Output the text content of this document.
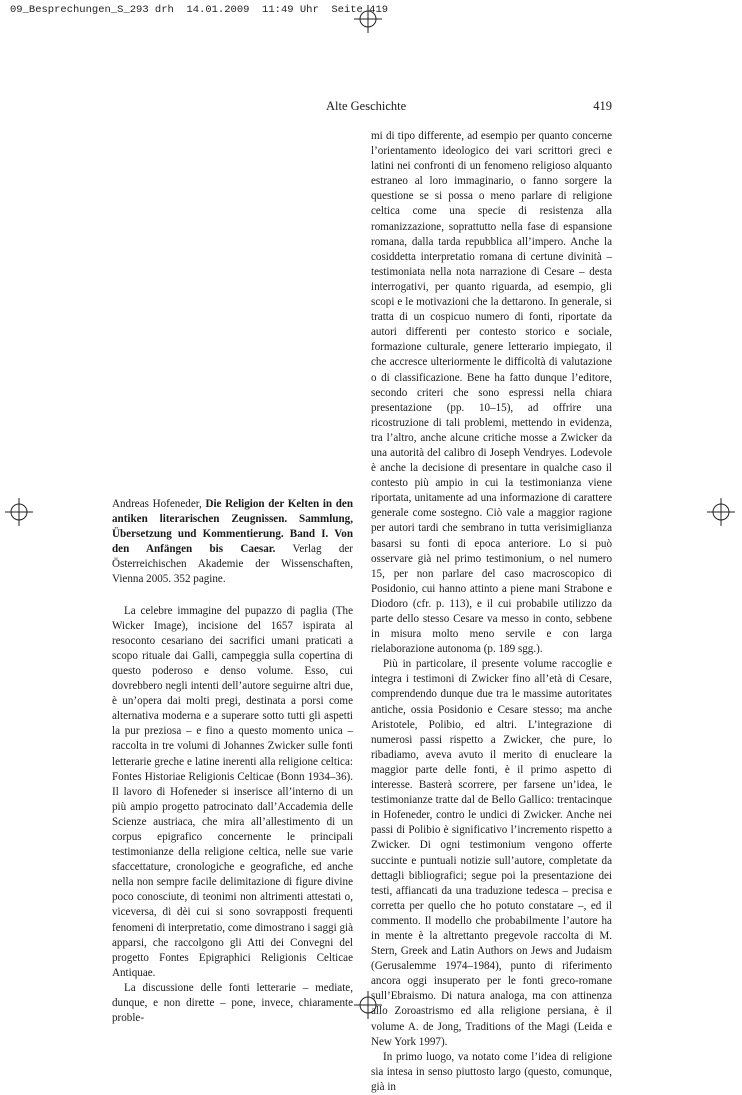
09_Besprechungen_S_293 drh  14.01.2009  11:49 Uhr  Seite 419
Alte Geschichte	419

Andreas Hofeneder, Die Religion der Kelten in den antiken literarischen Zeugnissen. Sammlung, Übersetzung und Kommentierung. Band I. Von den Anfängen bis Caesar. Verlag der Österreichischen Akademie der Wissenschaften, Vienna 2005. 352 pagine.

La celebre immagine del pupazzo di paglia (The Wicker Image), incisione del 1657 ispirata al resoconto cesariano dei sacrifici umani praticati a scopo rituale dai Galli, campeggia sulla copertina di questo poderoso e denso volume. Esso, cui dovrebbero negli intenti dell’autore seguirne altri due, è un’opera dai molti pregi, destinata a porsi come alternativa moderna e a superare sotto tutti gli aspetti la pur preziosa – e fino a questo momento unica – raccolta in tre volumi di Johannes Zwicker sulle fonti letterarie greche e latine inerenti alla religione celtica: Fontes Historiae Religionis Celticae (Bonn 1934–36). Il lavoro di Hofeneder si inserisce all’interno di un più ampio progetto patrocinato dall’Accademia delle Scienze austriaca, che mira all’allestimento di un corpus epigrafico concernente le principali testimonianze della religione celtica, nelle sue varie sfaccettature, cronologiche e geografiche, ed anche nella non sempre facile delimitazione di figure divine poco conosciute, di teonimi non altrimenti attestati o, viceversa, di dèi cui si sono sovrapposti frequenti fenomeni di interpretatio, come dimostrano i saggi già apparsi, che raccolgono gli Atti dei Convegni del progetto Fontes Epigraphici Religionis Celticae Antiquae.

La discussione delle fonti letterarie – mediate, dunque, e non dirette – pone, invece, chiaramente proble-

mi di tipo differente, ad esempio per quanto concerne l’orientamento ideologico dei vari scrittori greci e latini nei confronti di un fenomeno religioso alquanto estraneo al loro immaginario, o fanno sorgere la questione se si possa o meno parlare di religione celtica come una specie di resistenza alla romanizzazione, soprattutto nella fase di espansione romana, dalla tarda repubblica all’impero. Anche la cosiddetta interpretatio romana di certune divinità – testimoniata nella nota narrazione di Cesare – desta interrogativi, per quanto riguarda, ad esempio, gli scopi e le motivazioni che la dettarono. In generale, si tratta di un cospicuo numero di fonti, riportate da autori differenti per contesto storico e sociale, formazione culturale, genere letterario impiegato, il che accresce ulteriormente le difficoltà di valutazione o di classificazione. Bene ha fatto dunque l’editore, secondo criteri che sono espressi nella chiara presentazione (pp. 10–15), ad offrire una ricostruzione di tali problemi, mettendo in evidenza, tra l’altro, anche alcune critiche mosse a Zwicker da una autorità del calibro di Joseph Vendryes. Lodevole è anche la decisione di presentare in qualche caso il contesto più ampio in cui la testimonianza viene riportata, unitamente ad una informazione di carattere generale come sostegno. Ciò vale a maggior ragione per autori tardi che sembrano in tutta verisimiglianza basarsi su fonti di epoca anteriore. Lo si può osservare già nel primo testimonium, o nel numero 15, per non parlare del caso macroscopico di Posidonio, cui hanno attinto a piene mani Strabone e Diodoro (cfr. p. 113), e il cui probabile utilizzo da parte dello stesso Cesare va messo in conto, sebbene in misura molto meno servile e con larga rielaborazione autonoma (p. 189 sgg.).

Più in particolare, il presente volume raccoglie e integra i testimoni di Zwicker fino all’età di Cesare, comprendendo dunque due tra le massime autoritates antiche, ossia Posidonio e Cesare stesso; ma anche Aristotele, Polibio, ed altri. L’integrazione di numerosi passi rispetto a Zwicker, che pure, lo ribadiamo, aveva avuto il merito di enucleare la maggior parte delle fonti, è il primo aspetto di interesse. Basterà scorrere, per farsene un’idea, le testimonianze tratte dal de Bello Gallico: trentacinque in Hofeneder, contro le undici di Zwicker. Anche nei passi di Polibio è significativo l’incremento rispetto a Zwicker. Di ogni testimonium vengono offerte succinte e puntuali notizie sull’autore, completate da dettagli bibliografici; segue poi la presentazione dei testi, affiancati da una traduzione tedesca – precisa e corretta per quello che ho potuto constatare –, ed il commento. Il modello che probabilmente l’autore ha in mente è la altrettanto pregevole raccolta di M. Stern, Greek and Latin Authors on Jews and Judaism (Gerusalemme 1974–1984), punto di riferimento ancora oggi insuperato per le fonti greco-romane sull’Ebraismo. Di natura analoga, ma con attinenza allo Zoroastrismo ed alla religione persiana, è il volume A. de Jong, Traditions of the Magi (Leida e New York 1997).

In primo luogo, va notato come l’idea di religione sia intesa in senso piuttosto largo (questo, comunque, già in
